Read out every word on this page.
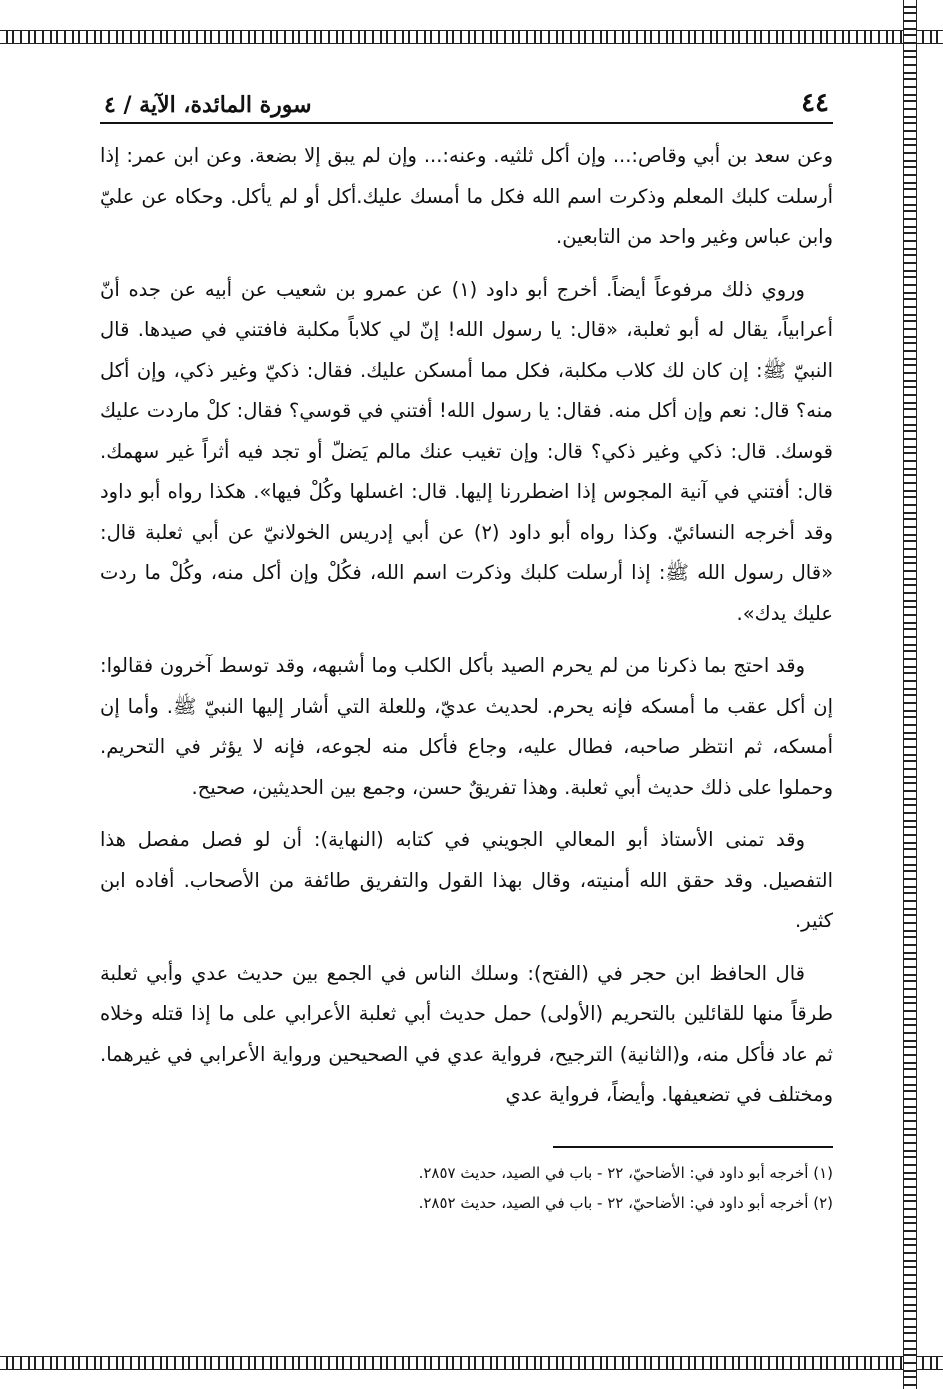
٤٤
سورة المائدة، الآية / ٤

وعن سعد بن أبي وقاص:... وإن أكل ثلثيه. وعنه:... وإن لم يبق إلا بضعة. وعن ابن عمر: إذا أرسلت كلبك المعلم وذكرت اسم الله فكل ما أمسك عليك.أكل أو لم يأكل. وحكاه عن عليّ وابن عباس وغير واحد من التابعين.

وروي ذلك مرفوعاً أيضاً. أخرج أبو داود (١) عن عمرو بن شعيب عن أبيه عن جده أنّ أعرابياً، يقال له أبو ثعلبة، «قال: يا رسول الله! إنّ لي كلاباً مكلبة فافتني في صيدها. قال النبيّ ﷺ: إن كان لك كلاب مكلبة، فكل مما أمسكن عليك. فقال: ذكيّ وغير ذكي، وإن أكل منه؟ قال: نعم وإن أكل منه. فقال: يا رسول الله! أفتني في قوسي؟ فقال: كلْ ماردت عليك قوسك. قال: ذكي وغير ذكي؟ قال: وإن تغيب عنك مالم يَضلّ أو تجد فيه أثراً غير سهمك. قال: أفتني في آنية المجوس إذا اضطررنا إليها. قال: اغسلها وكُلْ فيها». هكذا رواه أبو داود وقد أخرجه النسائيّ. وكذا رواه أبو داود (٢) عن أبي إدريس الخولانيّ عن أبي ثعلبة قال: «قال رسول الله ﷺ: إذا أرسلت كلبك وذكرت اسم الله، فكُلْ وإن أكل منه، وكُلْ ما ردت عليك يدك».

وقد احتج بما ذكرنا من لم يحرم الصيد بأكل الكلب وما أشبهه، وقد توسط آخرون فقالوا: إن أكل عقب ما أمسكه فإنه يحرم. لحديث عديّ، وللعلة التي أشار إليها النبيّ ﷺ. وأما إن أمسكه، ثم انتظر صاحبه، فطال عليه، وجاع فأكل منه لجوعه، فإنه لا يؤثر في التحريم. وحملوا على ذلك حديث أبي ثعلبة. وهذا تفريقٌ حسن، وجمع بين الحديثين، صحيح.

وقد تمنى الأستاذ أبو المعالي الجويني في كتابه (النهاية): أن لو فصل مفصل هذا التفصيل. وقد حقق الله أمنيته، وقال بهذا القول والتفريق طائفة من الأصحاب. أفاده ابن كثير.

قال الحافظ ابن حجر في (الفتح): وسلك الناس في الجمع بين حديث عدي وأبي ثعلبة طرقاً منها للقائلين بالتحريم (الأولى) حمل حديث أبي ثعلبة الأعرابي على ما إذا قتله وخلاه ثم عاد فأكل منه، و(الثانية) الترجيح، فرواية عدي في الصحيحين ورواية الأعرابي في غيرهما. ومختلف في تضعيفها. وأيضاً، فرواية عدي

(١) أخرجه أبو داود في: الأضاحيّ، ٢٢ - باب في الصيد، حديث ٢٨٥٧.

(٢) أخرجه أبو داود في: الأضاحيّ، ٢٢ - باب في الصيد، حديث ٢٨٥٢.
